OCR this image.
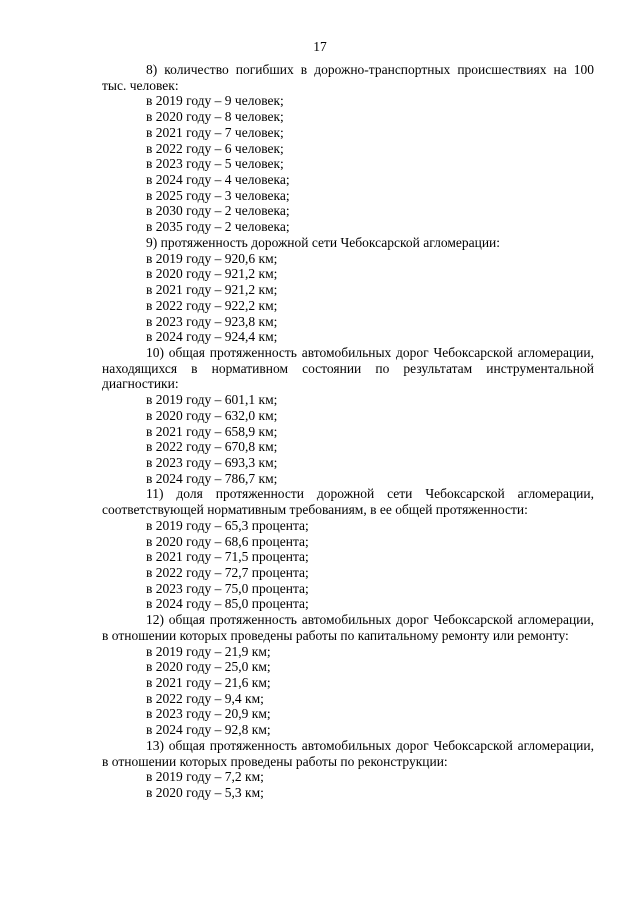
17

8) количество погибших в дорожно-транспортных происшествиях на 100 тыс. человек:

в 2019 году – 9 человек;

в 2020 году – 8 человек;

в 2021 году – 7 человек;

в 2022 году – 6 человек;

в 2023 году – 5 человек;

в 2024 году – 4 человека;

в 2025 году – 3 человека;

в 2030 году – 2 человека;

в 2035 году – 2 человека;

9) протяженность дорожной сети Чебоксарской агломерации:

в 2019 году – 920,6 км;

в 2020 году – 921,2 км;

в 2021 году – 921,2 км;

в 2022 году – 922,2 км;

в 2023 году – 923,8 км;

в 2024 году – 924,4 км;

10) общая протяженность автомобильных дорог Чебоксарской агломерации, находящихся в нормативном состоянии по результатам инструментальной диагностики:

в 2019 году – 601,1 км;

в 2020 году – 632,0 км;

в 2021 году – 658,9 км;

в 2022 году – 670,8 км;

в 2023 году – 693,3 км;

в 2024 году – 786,7 км;

11) доля протяженности дорожной сети Чебоксарской агломерации, соответствующей нормативным требованиям, в ее общей протяженности:

в 2019 году – 65,3 процента;

в 2020 году – 68,6 процента;

в 2021 году – 71,5 процента;

в 2022 году – 72,7 процента;

в 2023 году – 75,0 процента;

в 2024 году – 85,0 процента;

12) общая протяженность автомобильных дорог Чебоксарской агломерации, в отношении которых проведены работы по капитальному ремонту или ремонту:

в 2019 году – 21,9 км;

в 2020 году – 25,0 км;

в 2021 году – 21,6 км;

в 2022 году – 9,4 км;

в 2023 году – 20,9 км;

в 2024 году – 92,8 км;

13) общая протяженность автомобильных дорог Чебоксарской агломерации, в отношении которых проведены работы по реконструкции:

в 2019 году – 7,2 км;

в 2020 году – 5,3 км;
